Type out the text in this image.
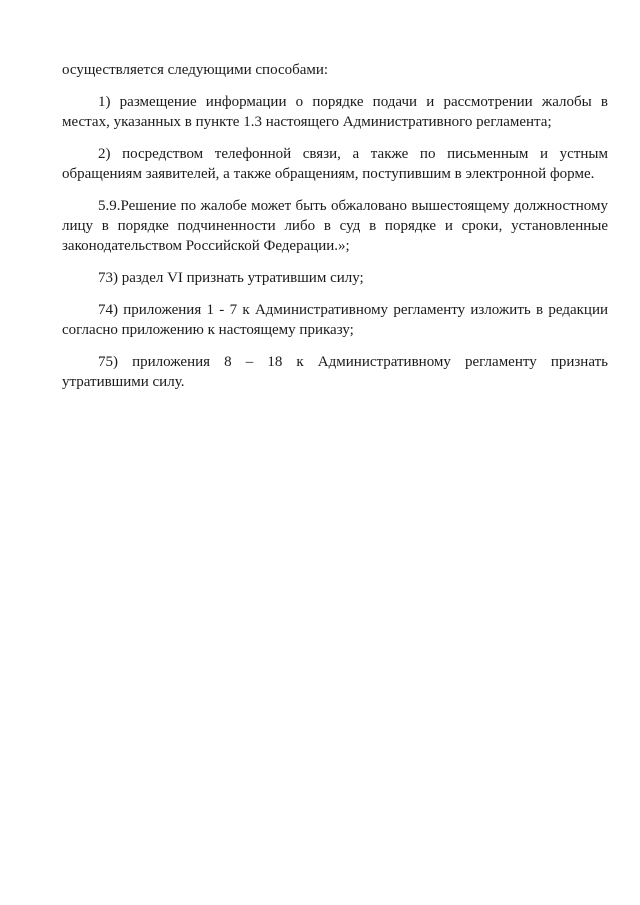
осуществляется следующими способами:

1) размещение информации о порядке подачи и рассмотрении жалобы в местах, указанных в пункте 1.3 настоящего Административного регламента;

2) посредством телефонной связи, а также по письменным и устным обращениям заявителей, а также обращениям, поступившим в электронной форме.

5.9.Решение по жалобе может быть обжаловано вышестоящему должностному лицу в порядке подчиненности либо в суд в порядке и сроки, установленные законодательством Российской Федерации.»;

73) раздел VI признать утратившим силу;

74) приложения 1 - 7 к Административному регламенту изложить в редакции согласно приложению к настоящему приказу;

75) приложения 8 – 18 к Административному регламенту признать утратившими силу.
